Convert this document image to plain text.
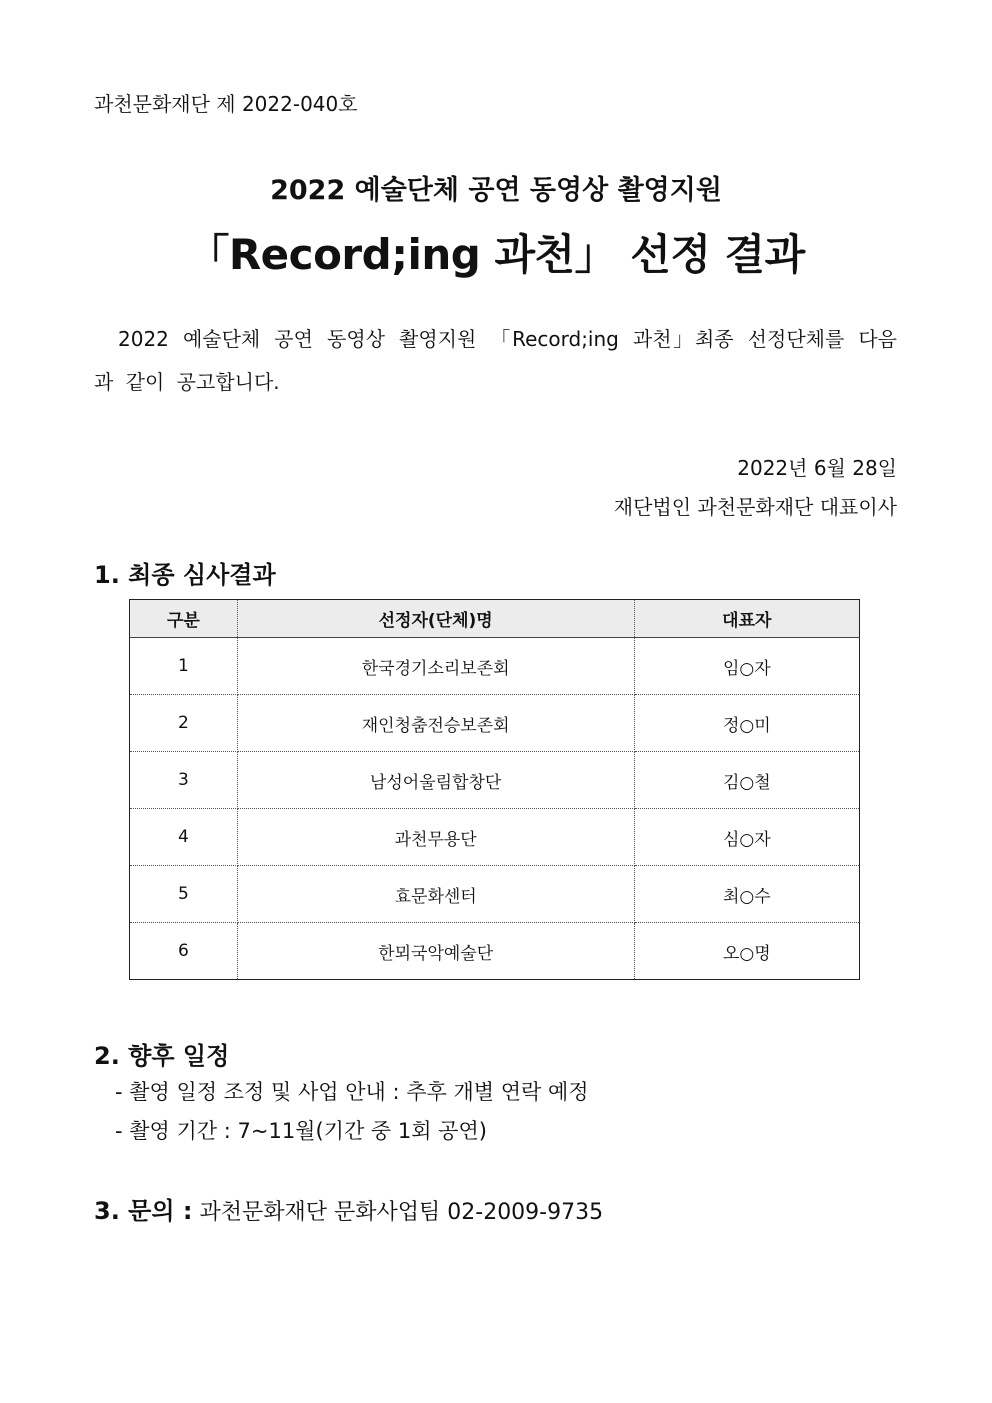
과천문화재단 제 2022-040호
2022 예술단체 공연 동영상 촬영지원
「Record;ing 과천」 선정 결과
2022 예술단체 공연 동영상 촬영지원 「Record;ing 과천」최종 선정단체를 다음과 같이 공고합니다.
2022년 6월 28일
재단법인 과천문화재단 대표이사
1. 최종 심사결과
구분	선정자(단체)명	대표자
1	한국경기소리보존회	임○자
2	재인청춤전승보존회	정○미
3	남성어울림합창단	김○철
4	과천무용단	심○자
5	효문화센터	최○수
6	한뫼국악예술단	오○명
2. 향후 일정
- 촬영 일정 조정 및 사업 안내 : 추후 개별 연락 예정
- 촬영 기간 : 7~11월(기간 중 1회 공연)
3. 문의 : 과천문화재단 문화사업팀 02-2009-9735
